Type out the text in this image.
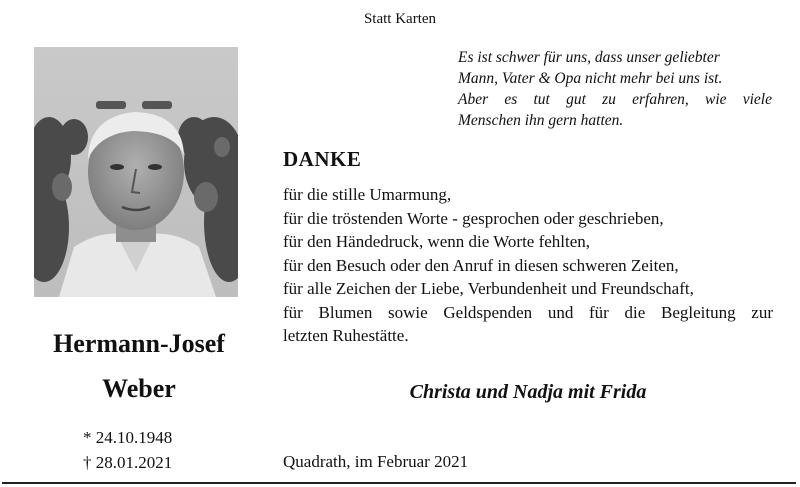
Statt Karten
Es ist schwer für uns, dass unser geliebter
Mann, Vater & Opa nicht mehr bei uns ist.
Aber es tut gut zu erfahren, wie viele
Menschen ihn gern hatten.
DANKE
für die stille Umarmung,
für die tröstenden Worte - gesprochen oder geschrieben,
für den Händedruck, wenn die Worte fehlten,
für den Besuch oder den Anruf in diesen schweren Zeiten,
für alle Zeichen der Liebe, Verbundenheit und Freundschaft,
für Blumen sowie Geldspenden und für die Begleitung zur
letzten Ruhestätte.
Hermann-Josef
Weber
* 24.10.1948
† 28.01.2021
Christa und Nadja mit Frida
Quadrath, im Februar 2021
